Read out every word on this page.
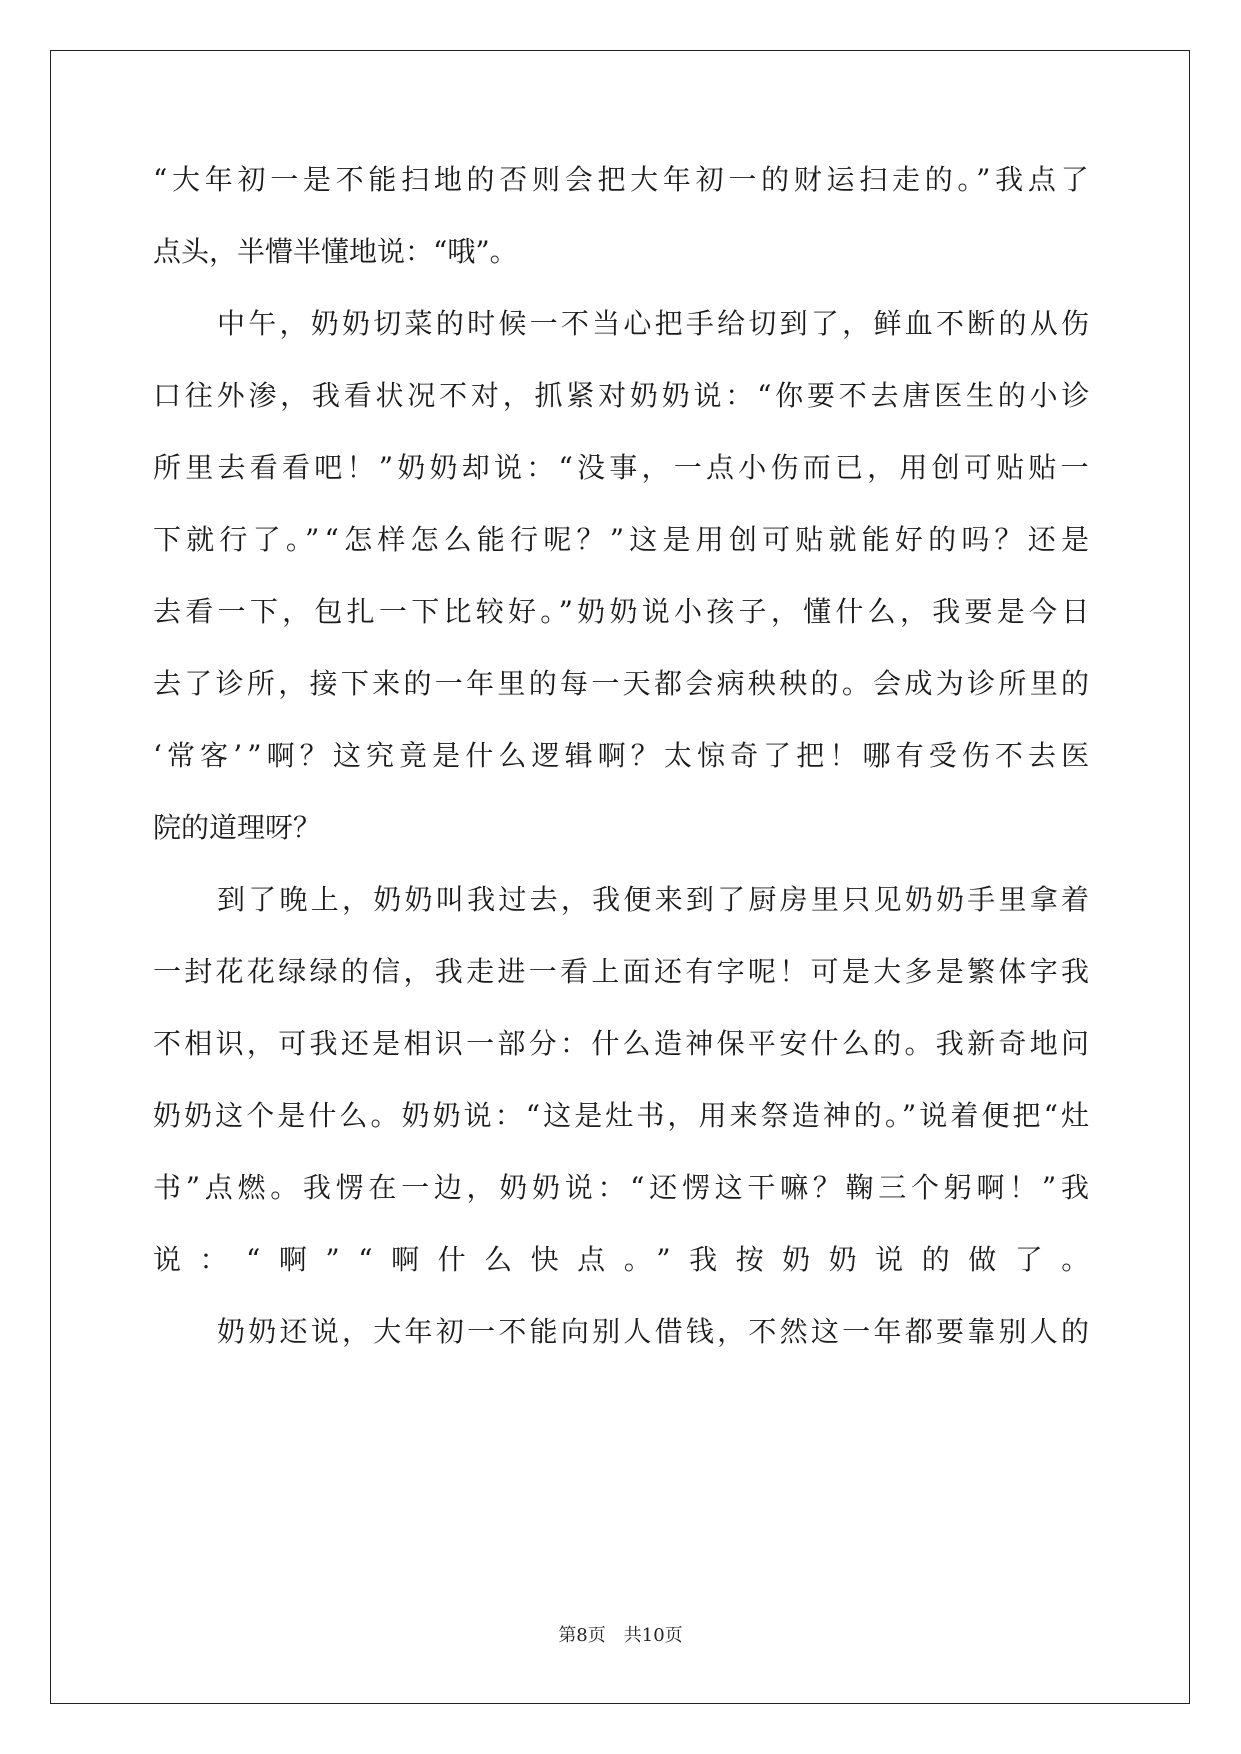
“大年初一是不能扫地的否则会把大年初一的财运扫走的。”我点了
点头，半懵半懂地说：“哦”。
中午，奶奶切菜的时候一不当心把手给切到了，鲜血不断的从伤
口往外渗，我看状况不对，抓紧对奶奶说：“你要不去唐医生的小诊
所里去看看吧！”奶奶却说：“没事，一点小伤而已，用创可贴贴一
下就行了。”“怎样怎么能行呢？”这是用创可贴就能好的吗？还是
去看一下，包扎一下比较好。”奶奶说小孩子，懂什么，我要是今日
去了诊所，接下来的一年里的每一天都会病秧秧的。会成为诊所里的
‘常客’”啊？这究竟是什么逻辑啊？太惊奇了把！哪有受伤不去医
院的道理呀？
到了晚上，奶奶叫我过去，我便来到了厨房里只见奶奶手里拿着
一封花花绿绿的信，我走进一看上面还有字呢！可是大多是繁体字我
不相识，可我还是相识一部分：什么造神保平安什么的。我新奇地问
奶奶这个是什么。奶奶说：“这是灶书，用来祭造神的。”说着便把“灶
书”点燃。我愣在一边，奶奶说：“还愣这干嘛？鞠三个躬啊！”我
说：“啊”“啊什么快点。”我按奶奶说的做了。
奶奶还说，大年初一不能向别人借钱，不然这一年都要靠别人的
第8页 共10页
